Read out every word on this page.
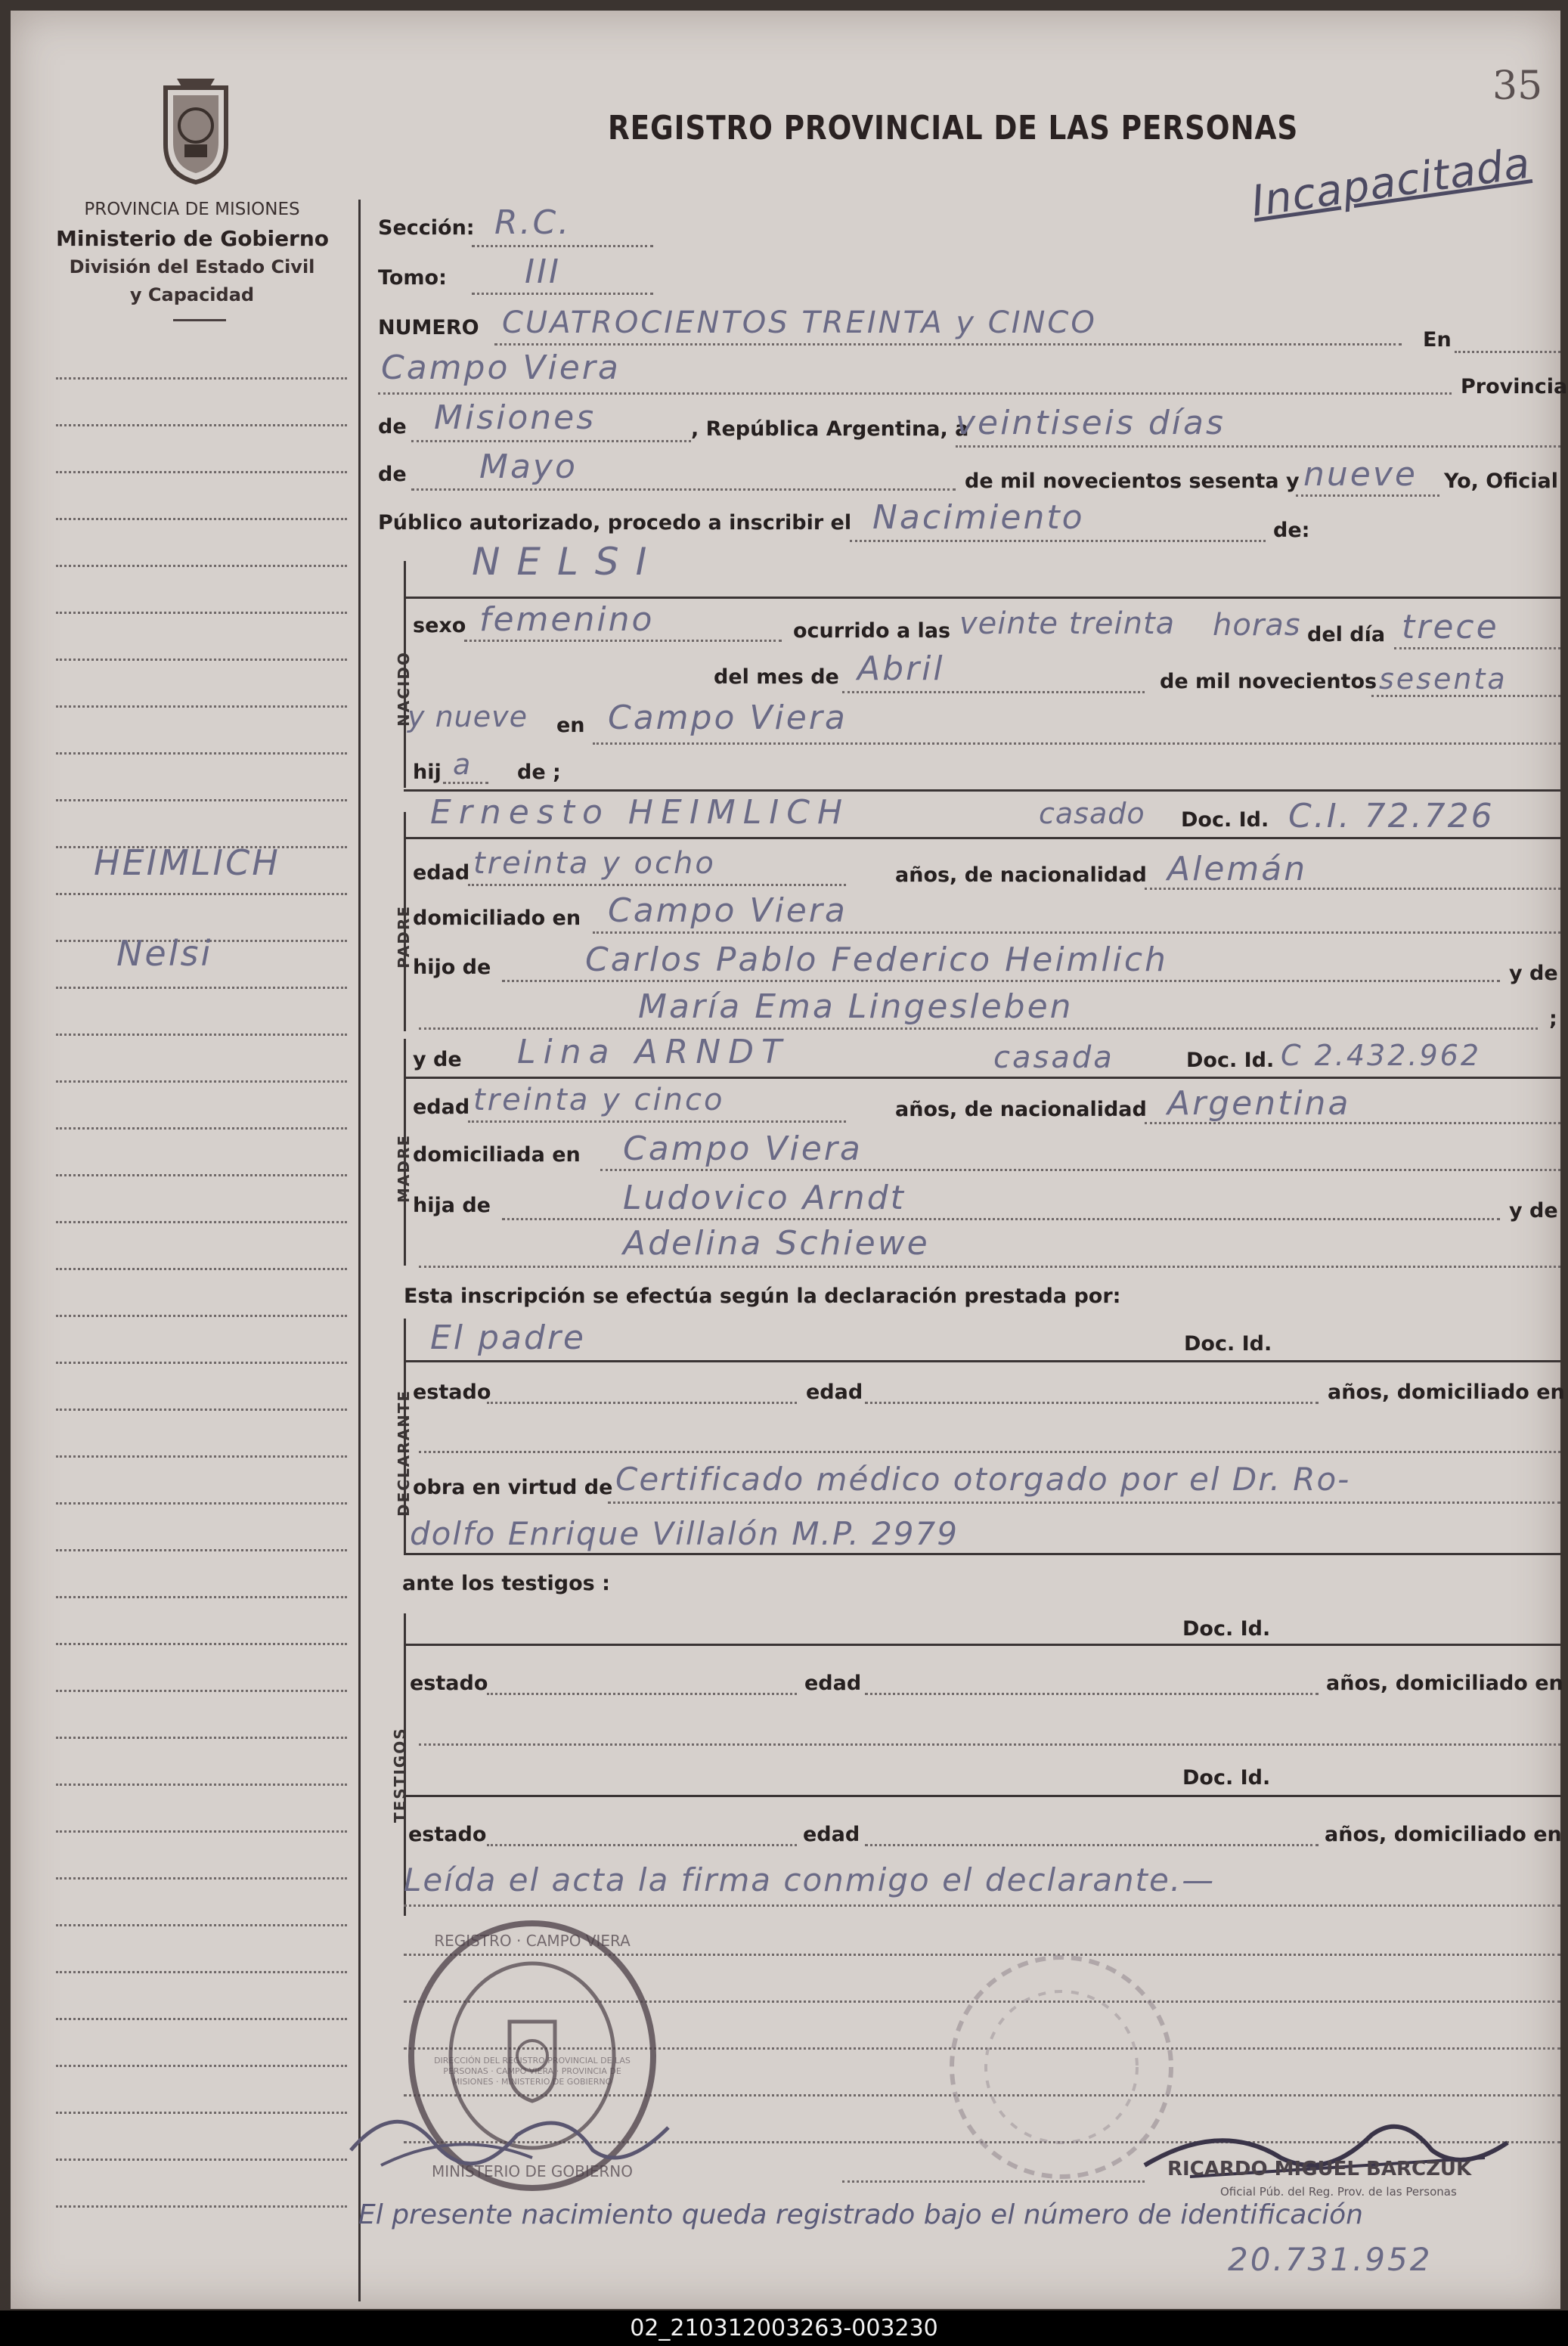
35
PROVINCIA DE MISIONES
Ministerio de Gobierno
División del Estado Civil
y Capacidad
REGISTRO PROVINCIAL DE LAS PERSONAS
Incapacitada
HEIMLICH
Nelsi
Sección: R.C.
Tomo: III
NUMERO CUATROCIENTOS TREINTA y CINCO	En
Campo Viera	Provincia
de Misiones	, República Argentina, a
veintiseis días
de Mayo	de mil novecientos sesenta y nueve Yo, Oficial
Público autorizado, procedo a inscribir el Nacimiento	de:
NACIDO
NELSI
sexo femenino	ocurrido a las veinte treinta horas del día trece
del mes de Abril	de mil novecientos sesenta
y nueve en Campo Viera
hij a de ;
PADRE
Ernesto HEIMLICH	casado Doc. Id. C.I. 72.726
edad treinta y ocho	años, de nacionalidad Alemán
domiciliado en Campo Viera
hijo de	Carlos Pablo Federico Heimlich	y de
María Ema Lingesleben	;
MADRE
y de Lina ARNDT	casada	Doc. Id. C 2.432.962
edad treinta y cinco	años, de nacionalidad Argentina
domiciliada en Campo Viera
hija de	Ludovico Arndt	y de
Adelina Schiewe
Esta inscripción se efectúa según la declaración prestada por:
DECLARANTE
El padre	Doc. Id.
estado	edad	años, domiciliado en
obra en virtud de Certificado médico otorgado por el Dr. Ro-
dolfo Enrique Villalón M.P. 2979
ante los testigos :
TESTIGOS
Doc. Id.
estado	edad	años, domiciliado en
Doc. Id.
estado	edad	años, domiciliado en
Leída el acta la firma conmigo el declarante.—
REGISTRO · CAMPO VIERA
MINISTERIO DE GOBIERNO
DIRECCIÓN DEL REGISTRO PROVINCIAL DE LAS PERSONAS · CAMPO VIERA · PROVINCIA DE MISIONES · MINISTERIO DE GOBIERNO
RICARDO MIGUEL BARCZUK
Oficial Púb. del Reg. Prov. de las Personas
El presente nacimiento queda registrado bajo el número de identificación
20.731.952
02_210312003263-003230
